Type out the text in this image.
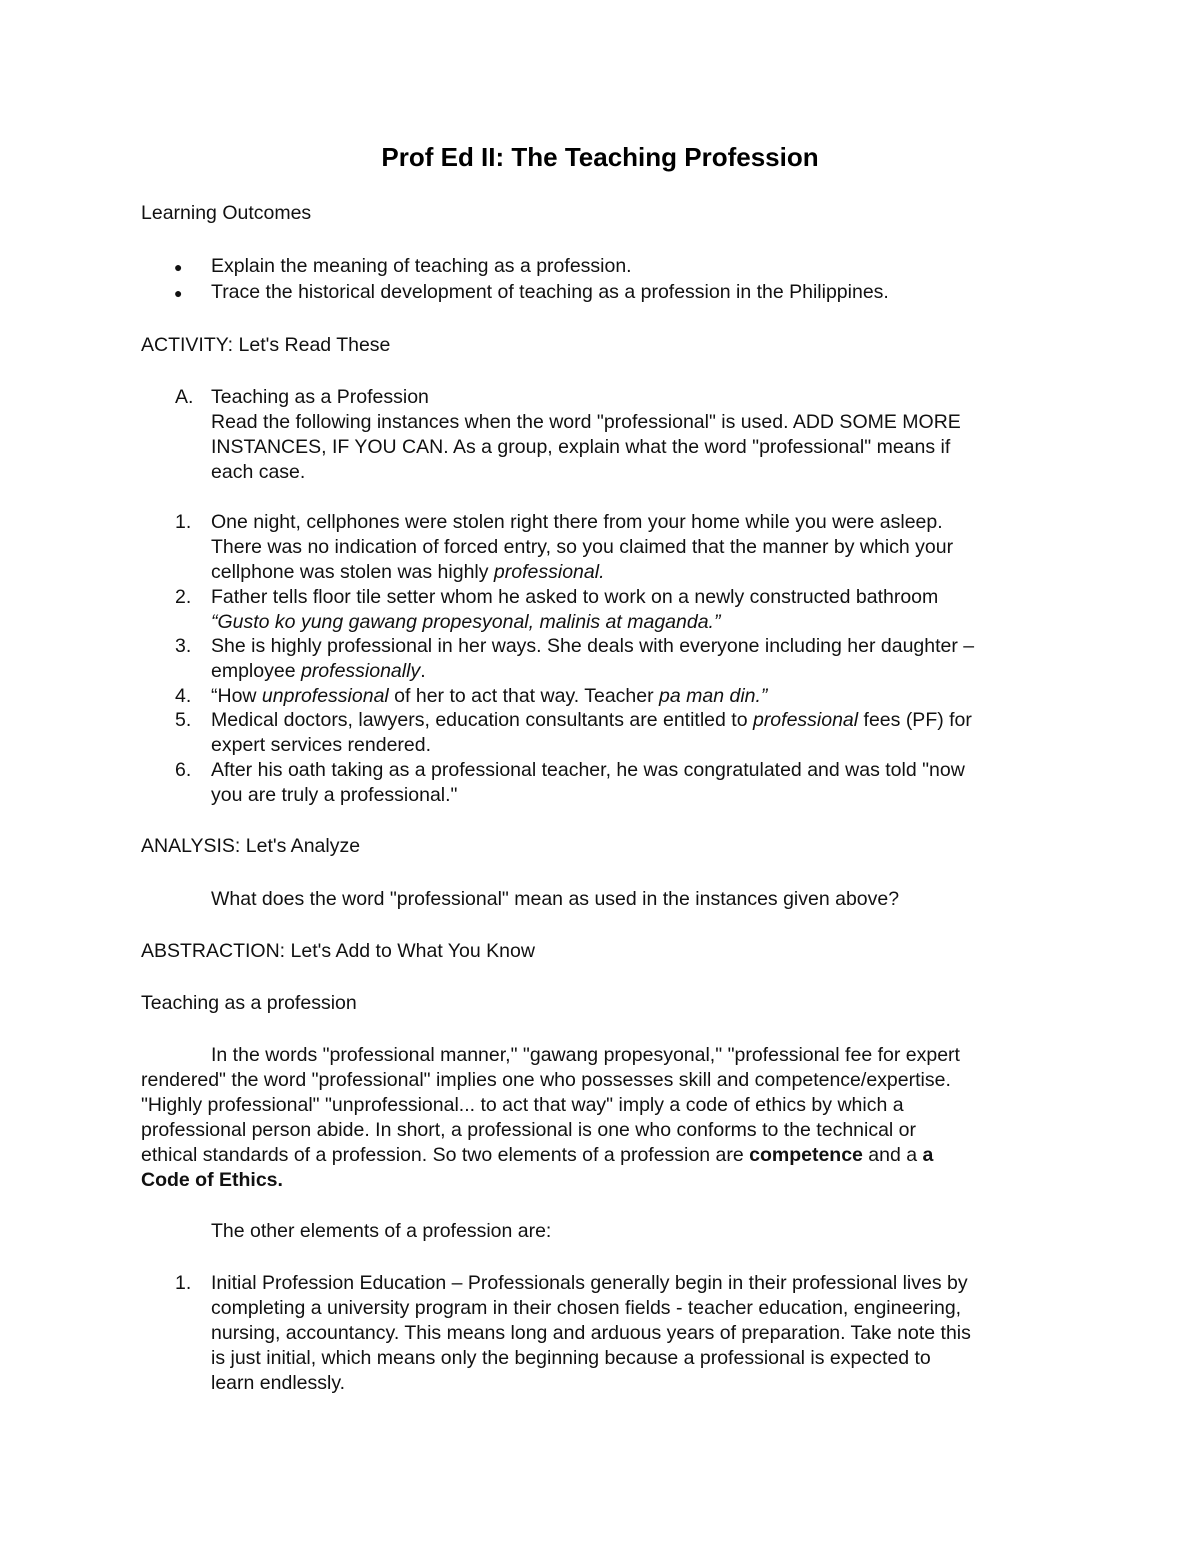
Prof Ed II: The Teaching Profession
Learning Outcomes
● Explain the meaning of teaching as a profession.
● Trace the historical development of teaching as a profession in the Philippines.
ACTIVITY: Let's Read These
A. Teaching as a Profession
Read the following instances when the word "professional" is used. ADD SOME MORE
INSTANCES, IF YOU CAN. As a group, explain what the word "professional" means if
each case.
1. One night, cellphones were stolen right there from your home while you were asleep.
There was no indication of forced entry, so you claimed that the manner by which your
cellphone was stolen was highly professional.
2. Father tells floor tile setter whom he asked to work on a newly constructed bathroom
“Gusto ko yung gawang propesyonal, malinis at maganda.”
3. She is highly professional in her ways. She deals with everyone including her daughter –
employee professionally.
4. “How unprofessional of her to act that way. Teacher pa man din.”
5. Medical doctors, lawyers, education consultants are entitled to professional fees (PF) for
expert services rendered.
6. After his oath taking as a professional teacher, he was congratulated and was told "now
you are truly a professional."
ANALYSIS: Let's Analyze
What does the word "professional" mean as used in the instances given above?
ABSTRACTION: Let's Add to What You Know
Teaching as a profession
In the words "professional manner," "gawang propesyonal," "professional fee for expert
rendered" the word "professional" implies one who possesses skill and competence/expertise.
"Highly professional" "unprofessional... to act that way" imply a code of ethics by which a
professional person abide. In short, a professional is one who conforms to the technical or
ethical standards of a profession. So two elements of a profession are competence and a a
Code of Ethics.
The other elements of a profession are:
1. Initial Profession Education – Professionals generally begin in their professional lives by
completing a university program in their chosen fields - teacher education, engineering,
nursing, accountancy. This means long and arduous years of preparation. Take note this
is just initial, which means only the beginning because a professional is expected to
learn endlessly.
